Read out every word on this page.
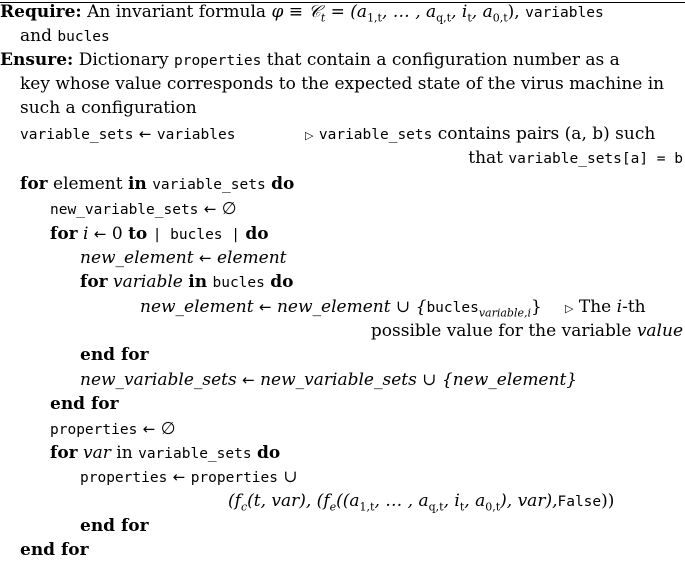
Require: An invariant formula φ ≡ 𝒞$_t$ = ($a_{1,t}$, … , $a_{q,t}$, $i_t$, $a_{0,t}$), variables
and bucles
Ensure: Dictionary properties that contain a configuration number as a
key whose value corresponds to the expected state of the virus machine in
such a configuration
variable_sets ← variables	▷ variable_sets contains pairs (a, b) such
that variable_sets[a] = b
for element in variable_sets do
new_variable_sets ← ∅
for i ← 0 to | bucles | do
new_element ← element
for variable in bucles do
new_element ← new_element ∪ {bucles$_{variable,i}$} ▷ The i-th
possible value for the variable value
end for
new_variable_sets ← new_variable_sets ∪ {new_element}
end for
properties ← ∅
for var in variable_sets do
properties ← properties ∪
($f_c(t$, var), ($f_e((a_{1,t}$, … , $a_{q,t}$, $i_t$, $a_{0,t}$), var),False))
end for
end for
